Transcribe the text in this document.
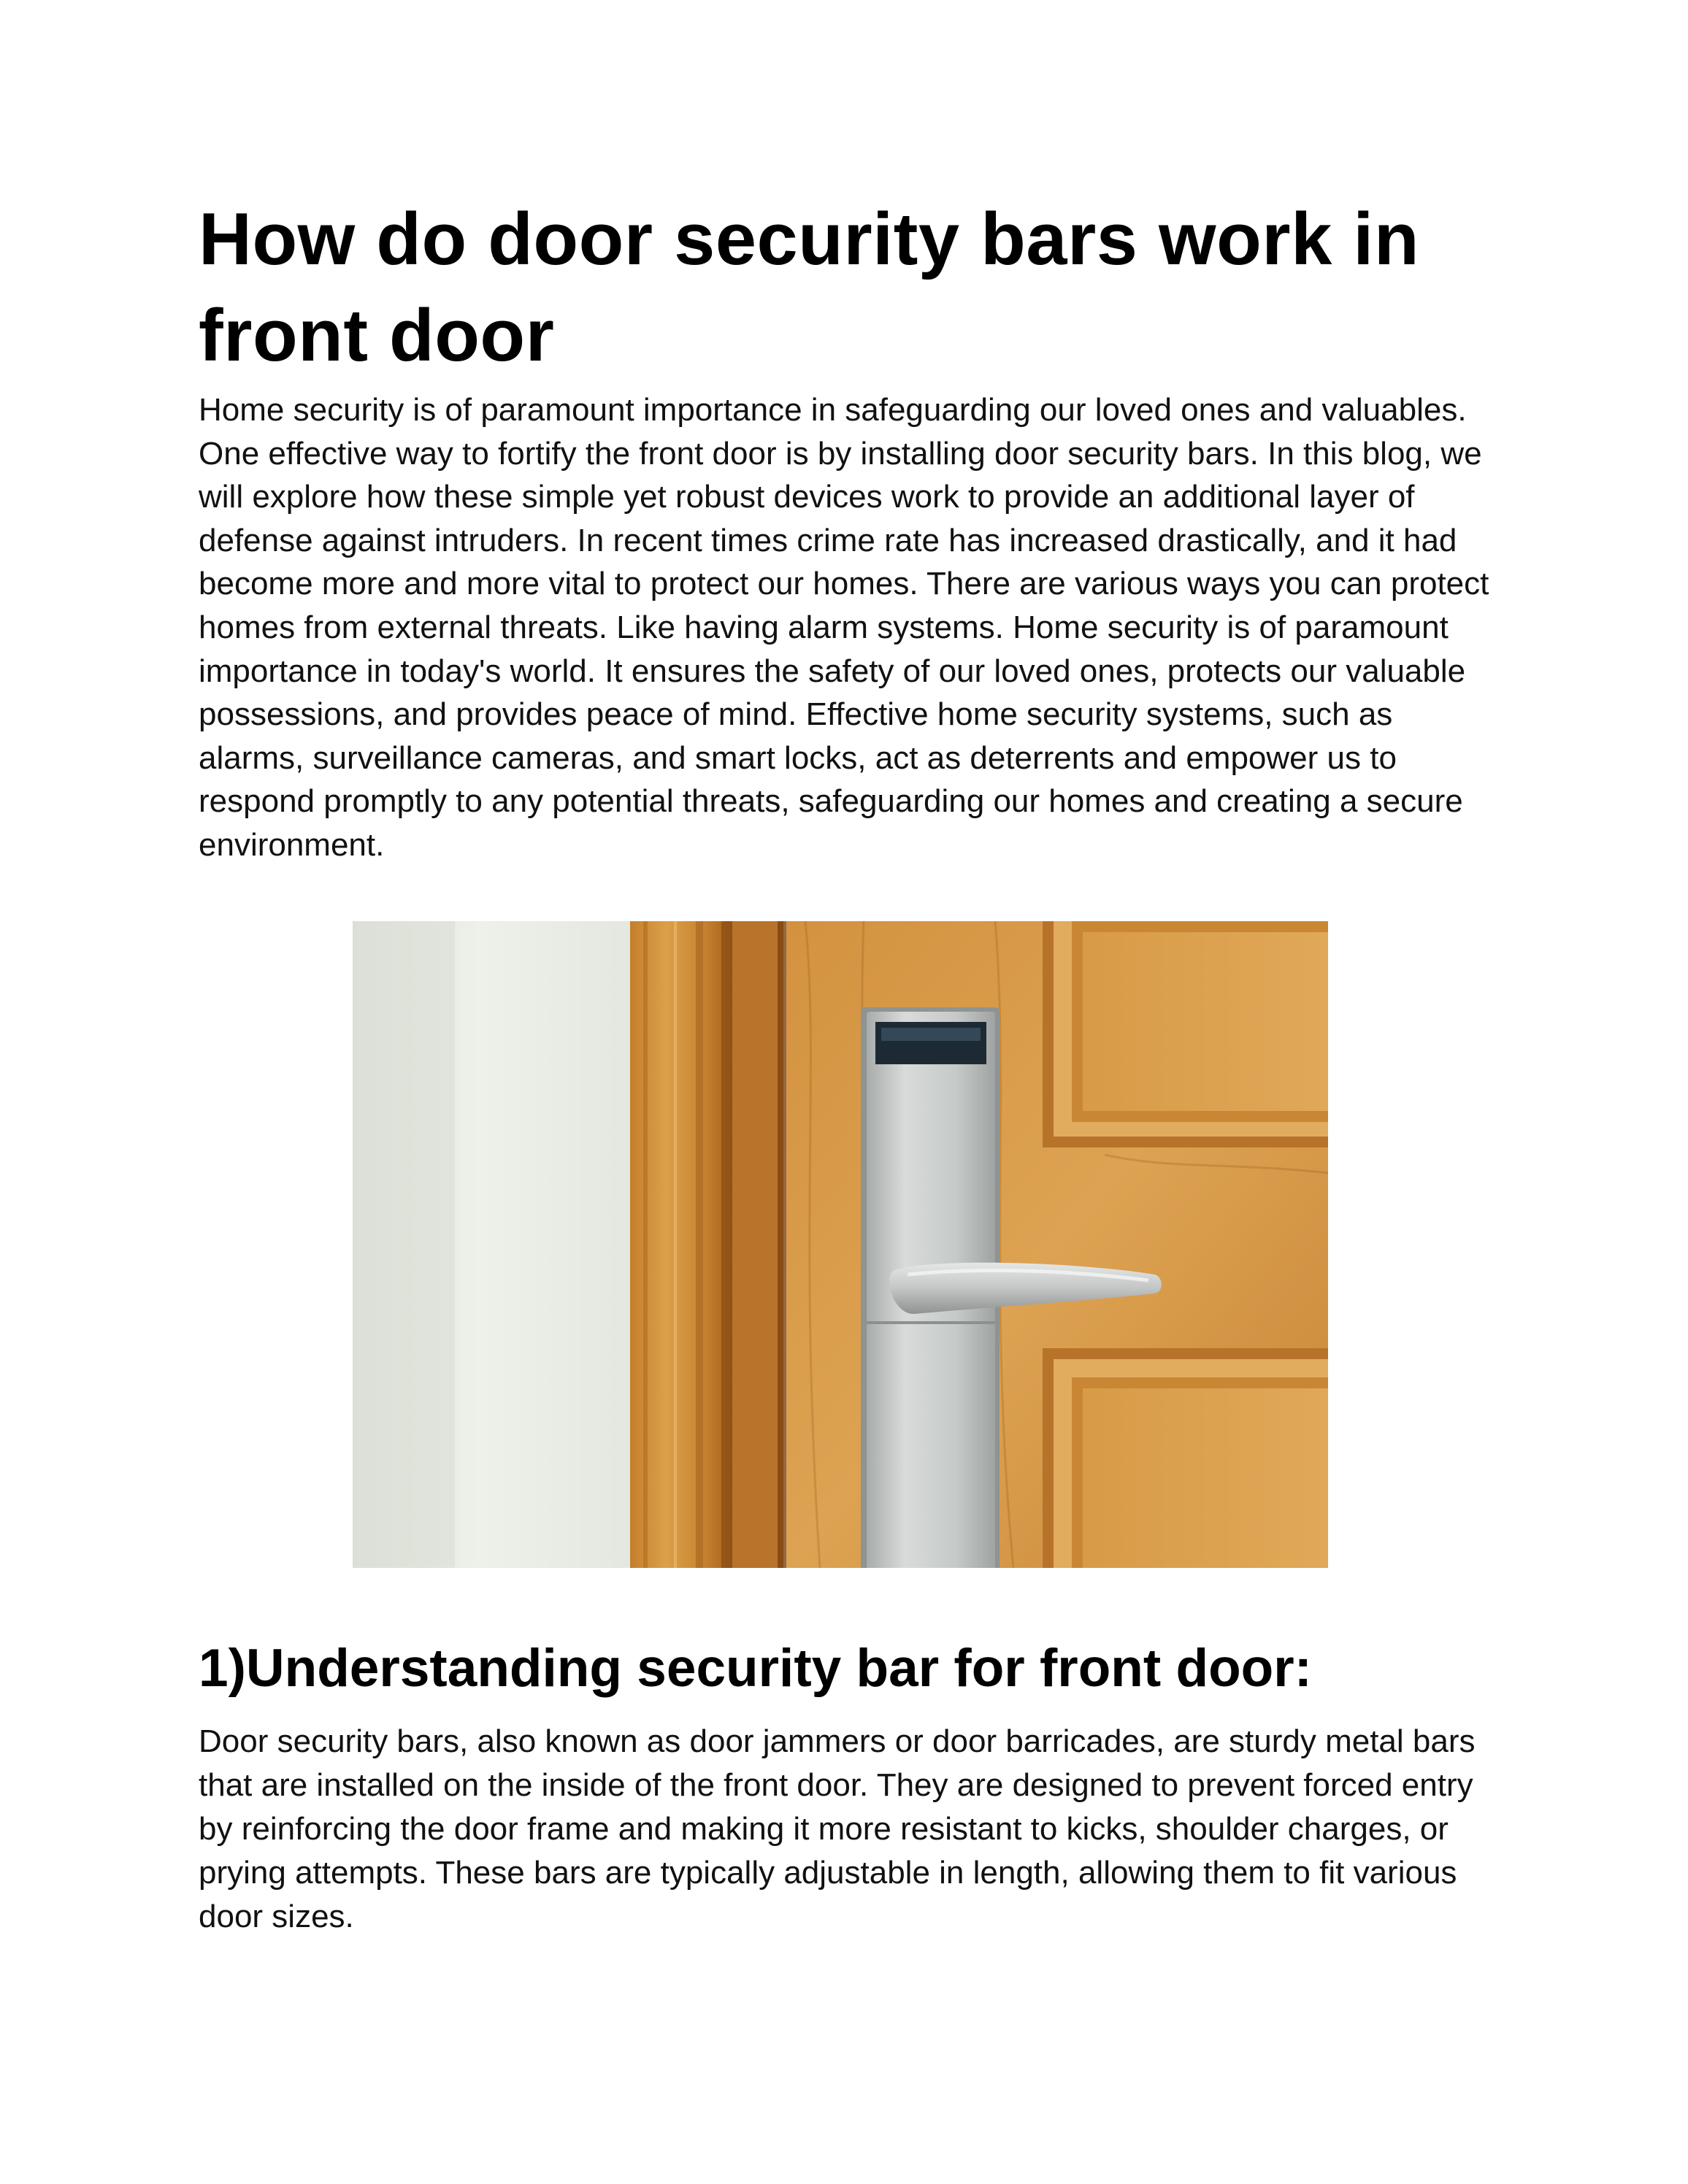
How do door security bars work in front door

Home security is of paramount importance in safeguarding our loved ones and valuables. One effective way to fortify the front door is by installing door security bars. In this blog, we will explore how these simple yet robust devices work to provide an additional layer of defense against intruders. In recent times crime rate has increased drastically, and it had become more and more vital to protect our homes. There are various ways you can protect homes from external threats. Like having alarm systems. Home security is of paramount importance in today's world. It ensures the safety of our loved ones, protects our valuable possessions, and provides peace of mind. Effective home security systems, such as alarms, surveillance cameras, and smart locks, act as deterrents and empower us to respond promptly to any potential threats, safeguarding our homes and creating a secure environment.

1)Understanding security bar for front door:

Door security bars, also known as door jammers or door barricades, are sturdy metal bars that are installed on the inside of the front door. They are designed to prevent forced entry by reinforcing the door frame and making it more resistant to kicks, shoulder charges, or prying attempts. These bars are typically adjustable in length, allowing them to fit various door sizes.
